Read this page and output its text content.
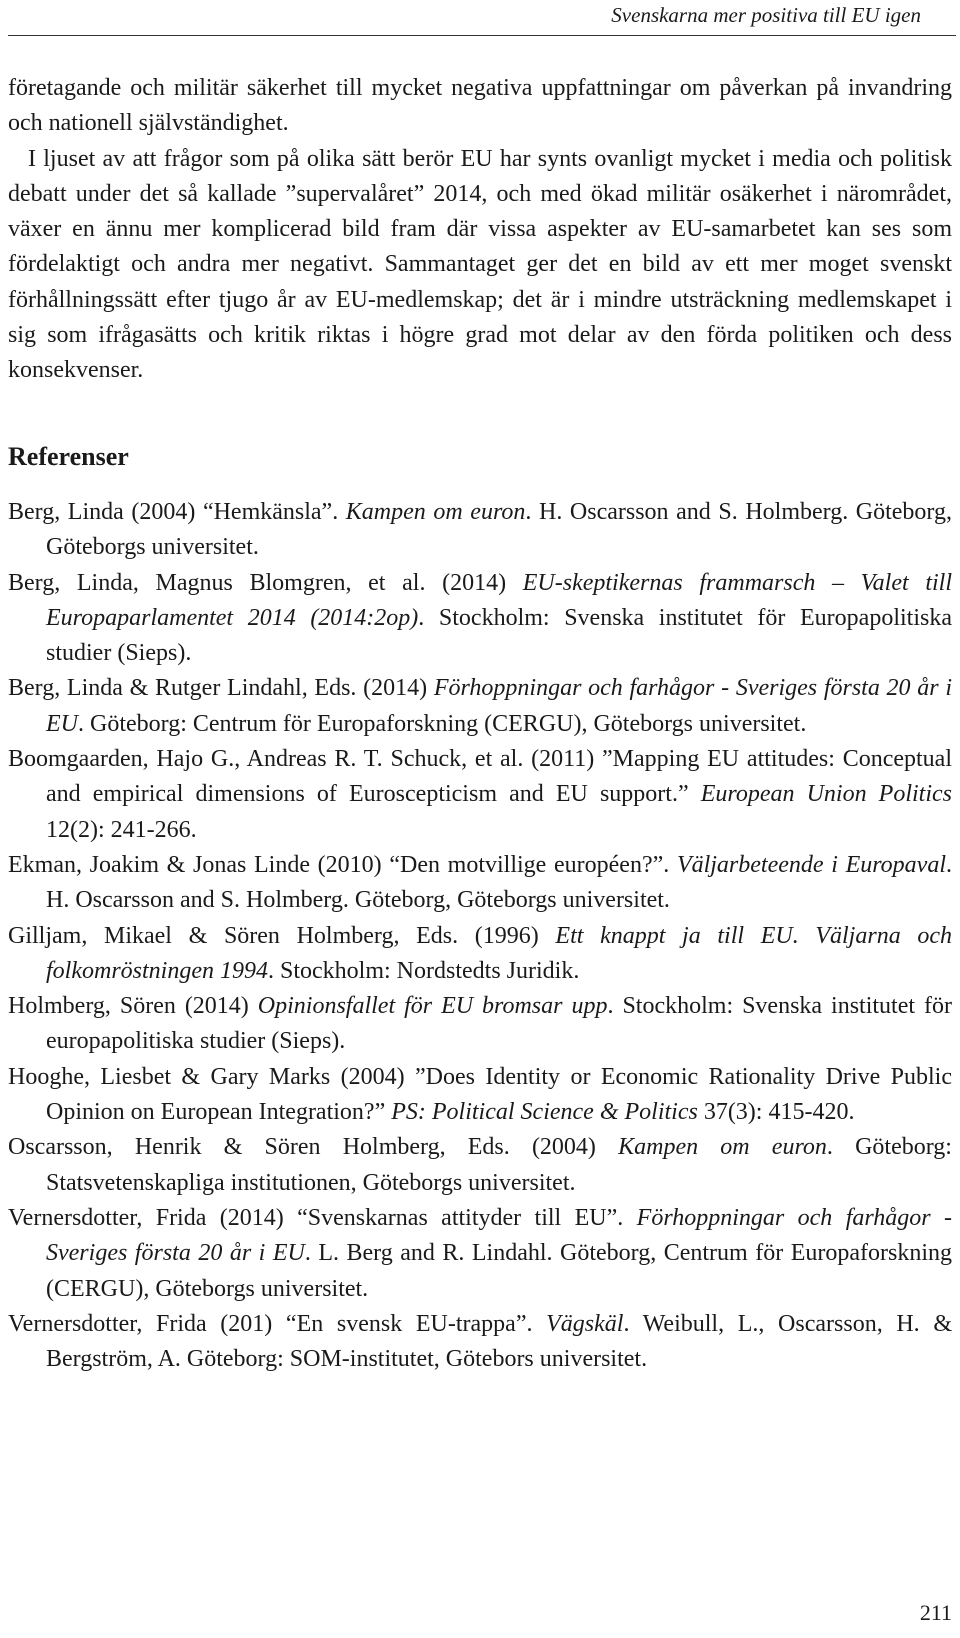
Svenskarna mer positiva till EU igen

företagande och militär säkerhet till mycket negativa uppfattningar om påverkan på invandring och nationell självständighet.

I ljuset av att frågor som på olika sätt berör EU har synts ovanligt mycket i media och politisk debatt under det så kallade ”supervalåret” 2014, och med ökad militär osäkerhet i närområdet, växer en ännu mer komplicerad bild fram där vissa aspekter av EU-samarbetet kan ses som fördelaktigt och andra mer negativt. Sammantaget ger det en bild av ett mer moget svenskt förhållningssätt efter tjugo år av EU-medlemskap; det är i mindre utsträckning medlemskapet i sig som ifrågasätts och kritik riktas i högre grad mot delar av den förda politiken och dess konsekvenser.

Referenser

Berg, Linda (2004) “Hemkänsla”. Kampen om euron. H. Oscarsson and S. Holmberg. Göteborg, Göteborgs universitet.

Berg, Linda, Magnus Blomgren, et al. (2014) EU-skeptikernas frammarsch – Valet till Europaparlamentet 2014 (2014:2op). Stockholm: Svenska institutet för Europapolitiska studier (Sieps).

Berg, Linda & Rutger Lindahl, Eds. (2014) Förhoppningar och farhågor - Sveriges första 20 år i EU. Göteborg: Centrum för Europaforskning (CERGU), Göteborgs universitet.

Boomgaarden, Hajo G., Andreas R. T. Schuck, et al. (2011) ”Mapping EU attitudes: Conceptual and empirical dimensions of Euroscepticism and EU support.” European Union Politics 12(2): 241-266.

Ekman, Joakim & Jonas Linde (2010) “Den motvillige européen?”. Väljarbeteende i Europaval. H. Oscarsson and S. Holmberg. Göteborg, Göteborgs universitet.

Gilljam, Mikael & Sören Holmberg, Eds. (1996) Ett knappt ja till EU. Väljarna och folkomröstningen 1994. Stockholm: Nordstedts Juridik.

Holmberg, Sören (2014) Opinionsfallet för EU bromsar upp. Stockholm: Svenska institutet för europapolitiska studier (Sieps).

Hooghe, Liesbet & Gary Marks (2004) ”Does Identity or Economic Rationality Drive Public Opinion on European Integration?” PS: Political Science & Politics 37(3): 415-420.

Oscarsson, Henrik & Sören Holmberg, Eds. (2004) Kampen om euron. Göteborg: Statsvetenskapliga institutionen, Göteborgs universitet.

Vernersdotter, Frida (2014) “Svenskarnas attityder till EU”. Förhoppningar och farhågor - Sveriges första 20 år i EU. L. Berg and R. Lindahl. Göteborg, Centrum för Europaforskning (CERGU), Göteborgs universitet.

Vernersdotter, Frida (201) “En svensk EU-trappa”. Vägskäl. Weibull, L., Oscarsson, H. & Bergström, A. Göteborg: SOM-institutet, Götebors universitet.

211
